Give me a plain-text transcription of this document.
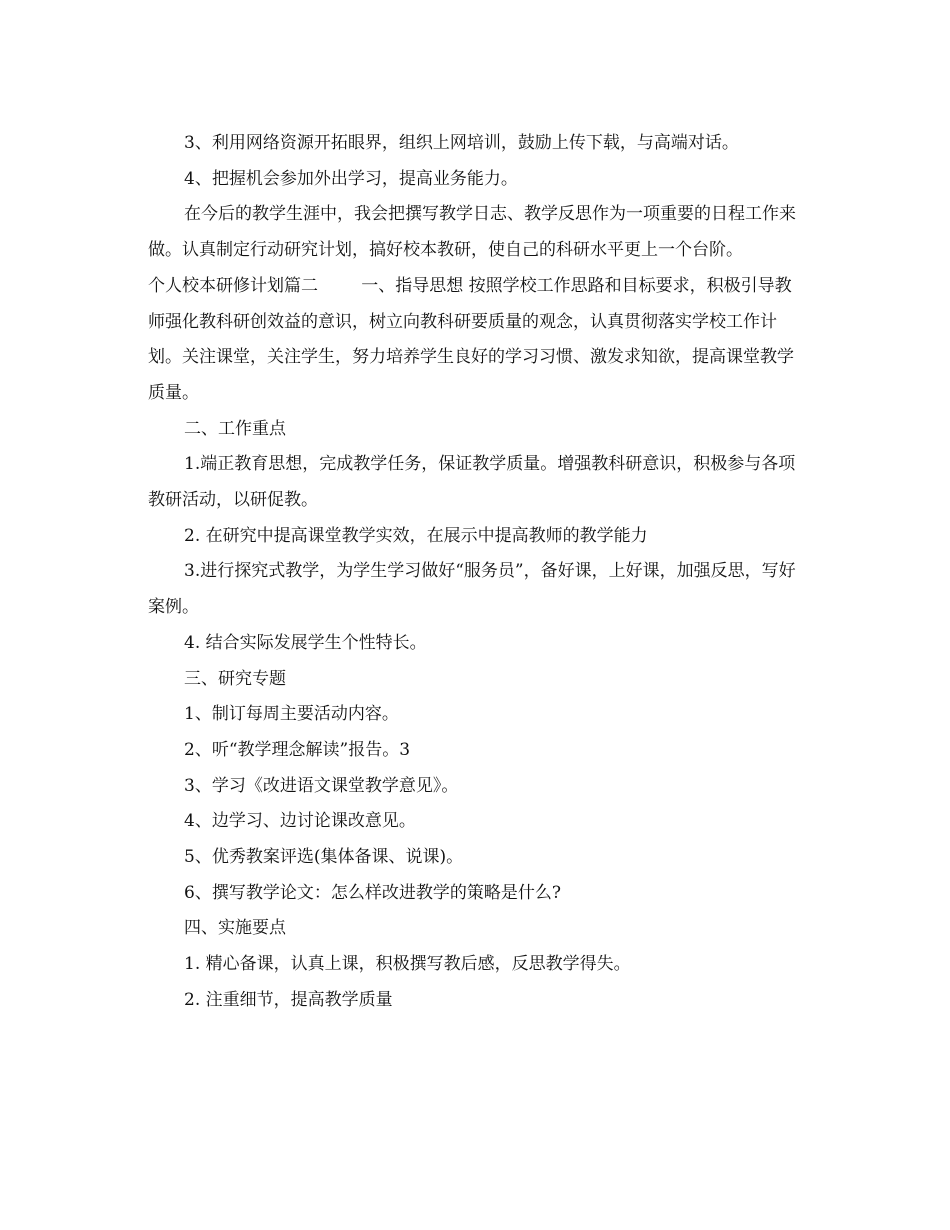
3、利用网络资源开拓眼界，组织上网培训，鼓励上传下载，与高端对话。

4、把握机会参加外出学习，提高业务能力。

在今后的教学生涯中，我会把撰写教学日志、教学反思作为一项重要的日程工作来做。认真制定行动研究计划，搞好校本教研，使自己的科研水平更上一个台阶。

个人校本研修计划篇二        一、指导思想 按照学校工作思路和目标要求，积极引导教师强化教科研创效益的意识，树立向教科研要质量的观念，认真贯彻落实学校工作计划。关注课堂，关注学生，努力培养学生良好的学习习惯、激发求知欲，提高课堂教学质量。

二、工作重点

1.端正教育思想，完成教学任务，保证教学质量。增强教科研意识，积极参与各项教研活动，以研促教。

2. 在研究中提高课堂教学实效，在展示中提高教师的教学能力

3.进行探究式教学，为学生学习做好“服务员”，备好课，上好课，加强反思，写好案例。

4. 结合实际发展学生个性特长。

三、研究专题

1、制订每周主要活动内容。

2、听“教学理念解读”报告。3

3、学习《改进语文课堂教学意见》。

4、边学习、边讨论课改意见。

5、优秀教案评选(集体备课、说课)。

6、撰写教学论文：怎么样改进教学的策略是什么?

四、实施要点

1. 精心备课，认真上课，积极撰写教后感，反思教学得失。

2. 注重细节，提高教学质量
